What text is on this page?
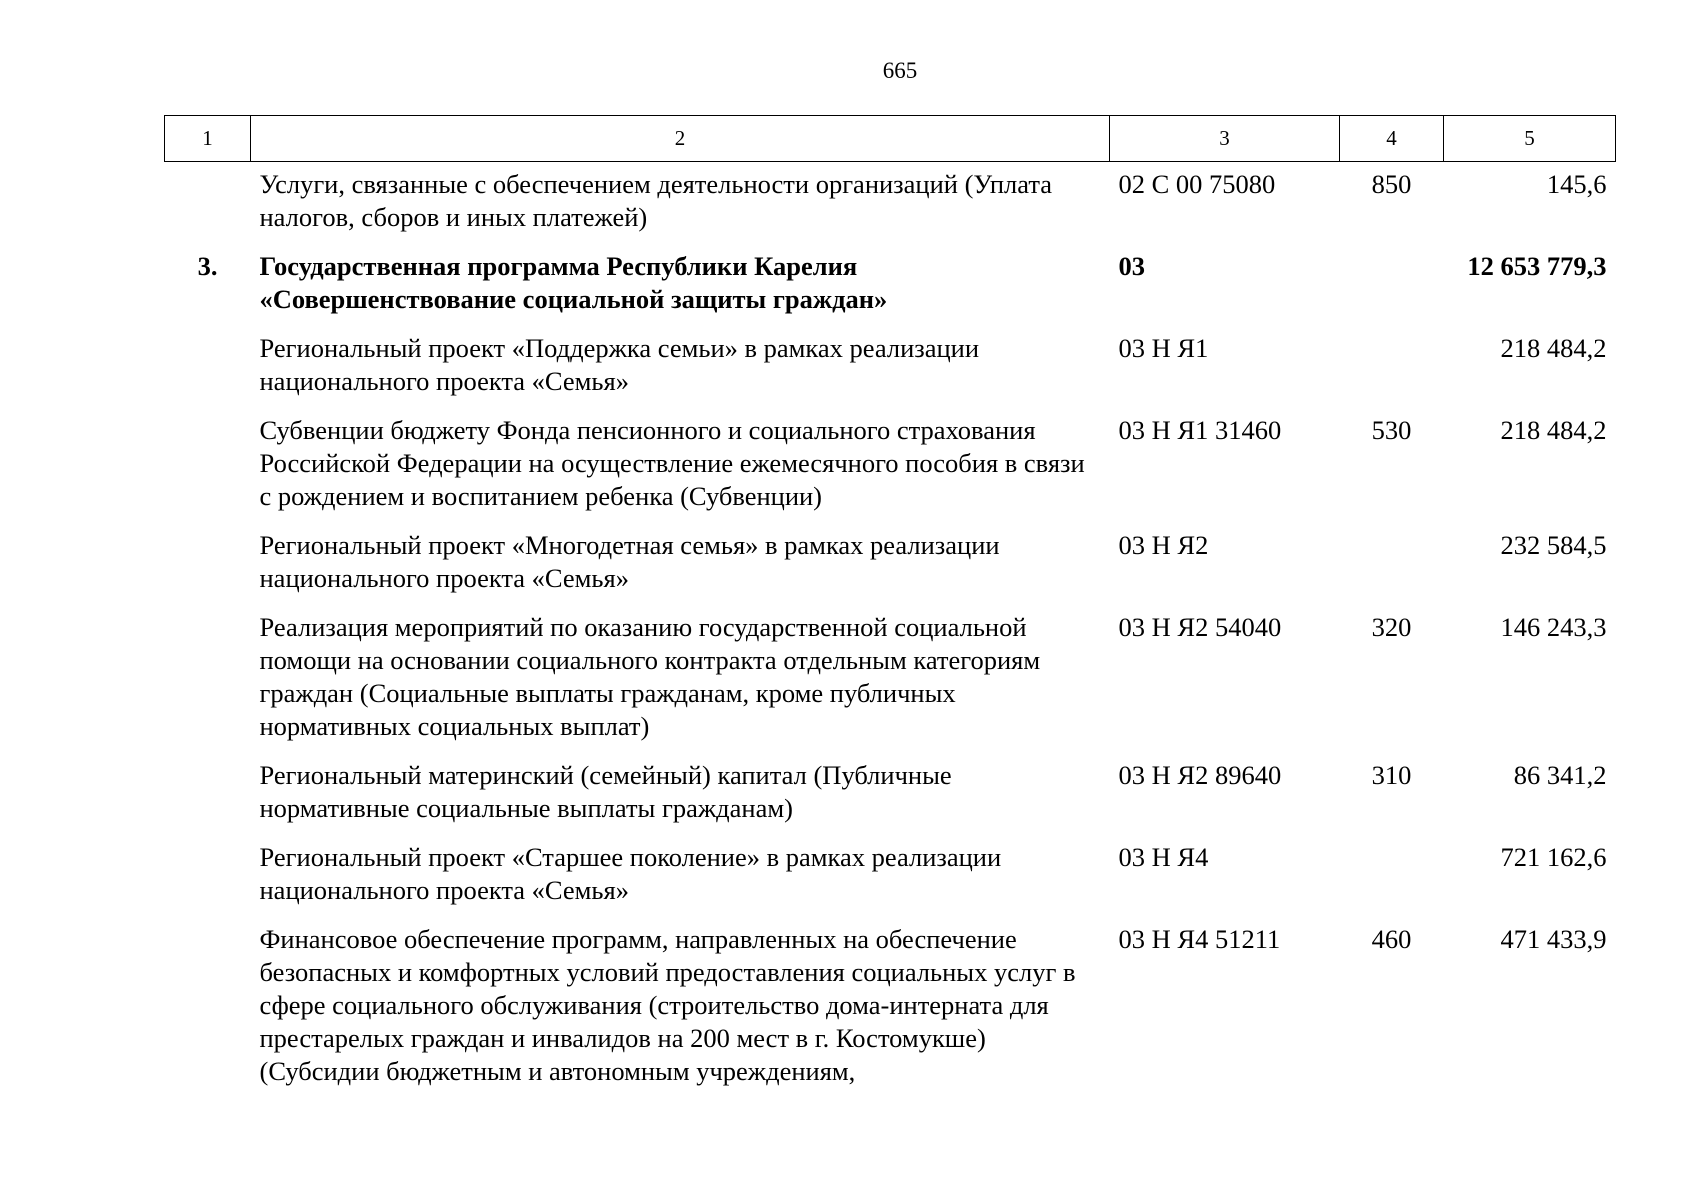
665
1	2	3	4	5
	Услуги, связанные с обеспечением деятельности организаций (Уплата налогов, сборов и иных платежей)	02 С 00 75080	850	145,6
3.	Государственная программа Республики Карелия «Совершенствование социальной защиты граждан»	03		12 653 779,3
	Региональный проект «Поддержка семьи» в рамках реализации национального проекта «Семья»	03 Н Я1		218 484,2
	Субвенции бюджету Фонда пенсионного и социального страхования Российской Федерации на осуществление ежемесячного пособия в связи с рождением и воспитанием ребенка (Субвенции)	03 Н Я1 31460	530	218 484,2
	Региональный проект «Многодетная семья» в рамках реализации национального проекта «Семья»	03 Н Я2		232 584,5
	Реализация мероприятий по оказанию государственной социальной помощи на основании социального контракта отдельным категориям граждан (Социальные выплаты гражданам, кроме публичных нормативных социальных выплат)	03 Н Я2 54040	320	146 243,3
	Региональный материнский (семейный) капитал (Публичные нормативные социальные выплаты гражданам)	03 Н Я2 89640	310	86 341,2
	Региональный проект «Старшее поколение» в рамках реализации национального проекта «Семья»	03 Н Я4		721 162,6
	Финансовое обеспечение программ, направленных на обеспечение безопасных и комфортных условий предоставления социальных услуг в сфере социального обслуживания (строительство дома-интерната для престарелых граждан и инвалидов на 200 мест в г. Костомукше) (Субсидии бюджетным и автономным учреждениям,	03 Н Я4 51211	460	471 433,9
